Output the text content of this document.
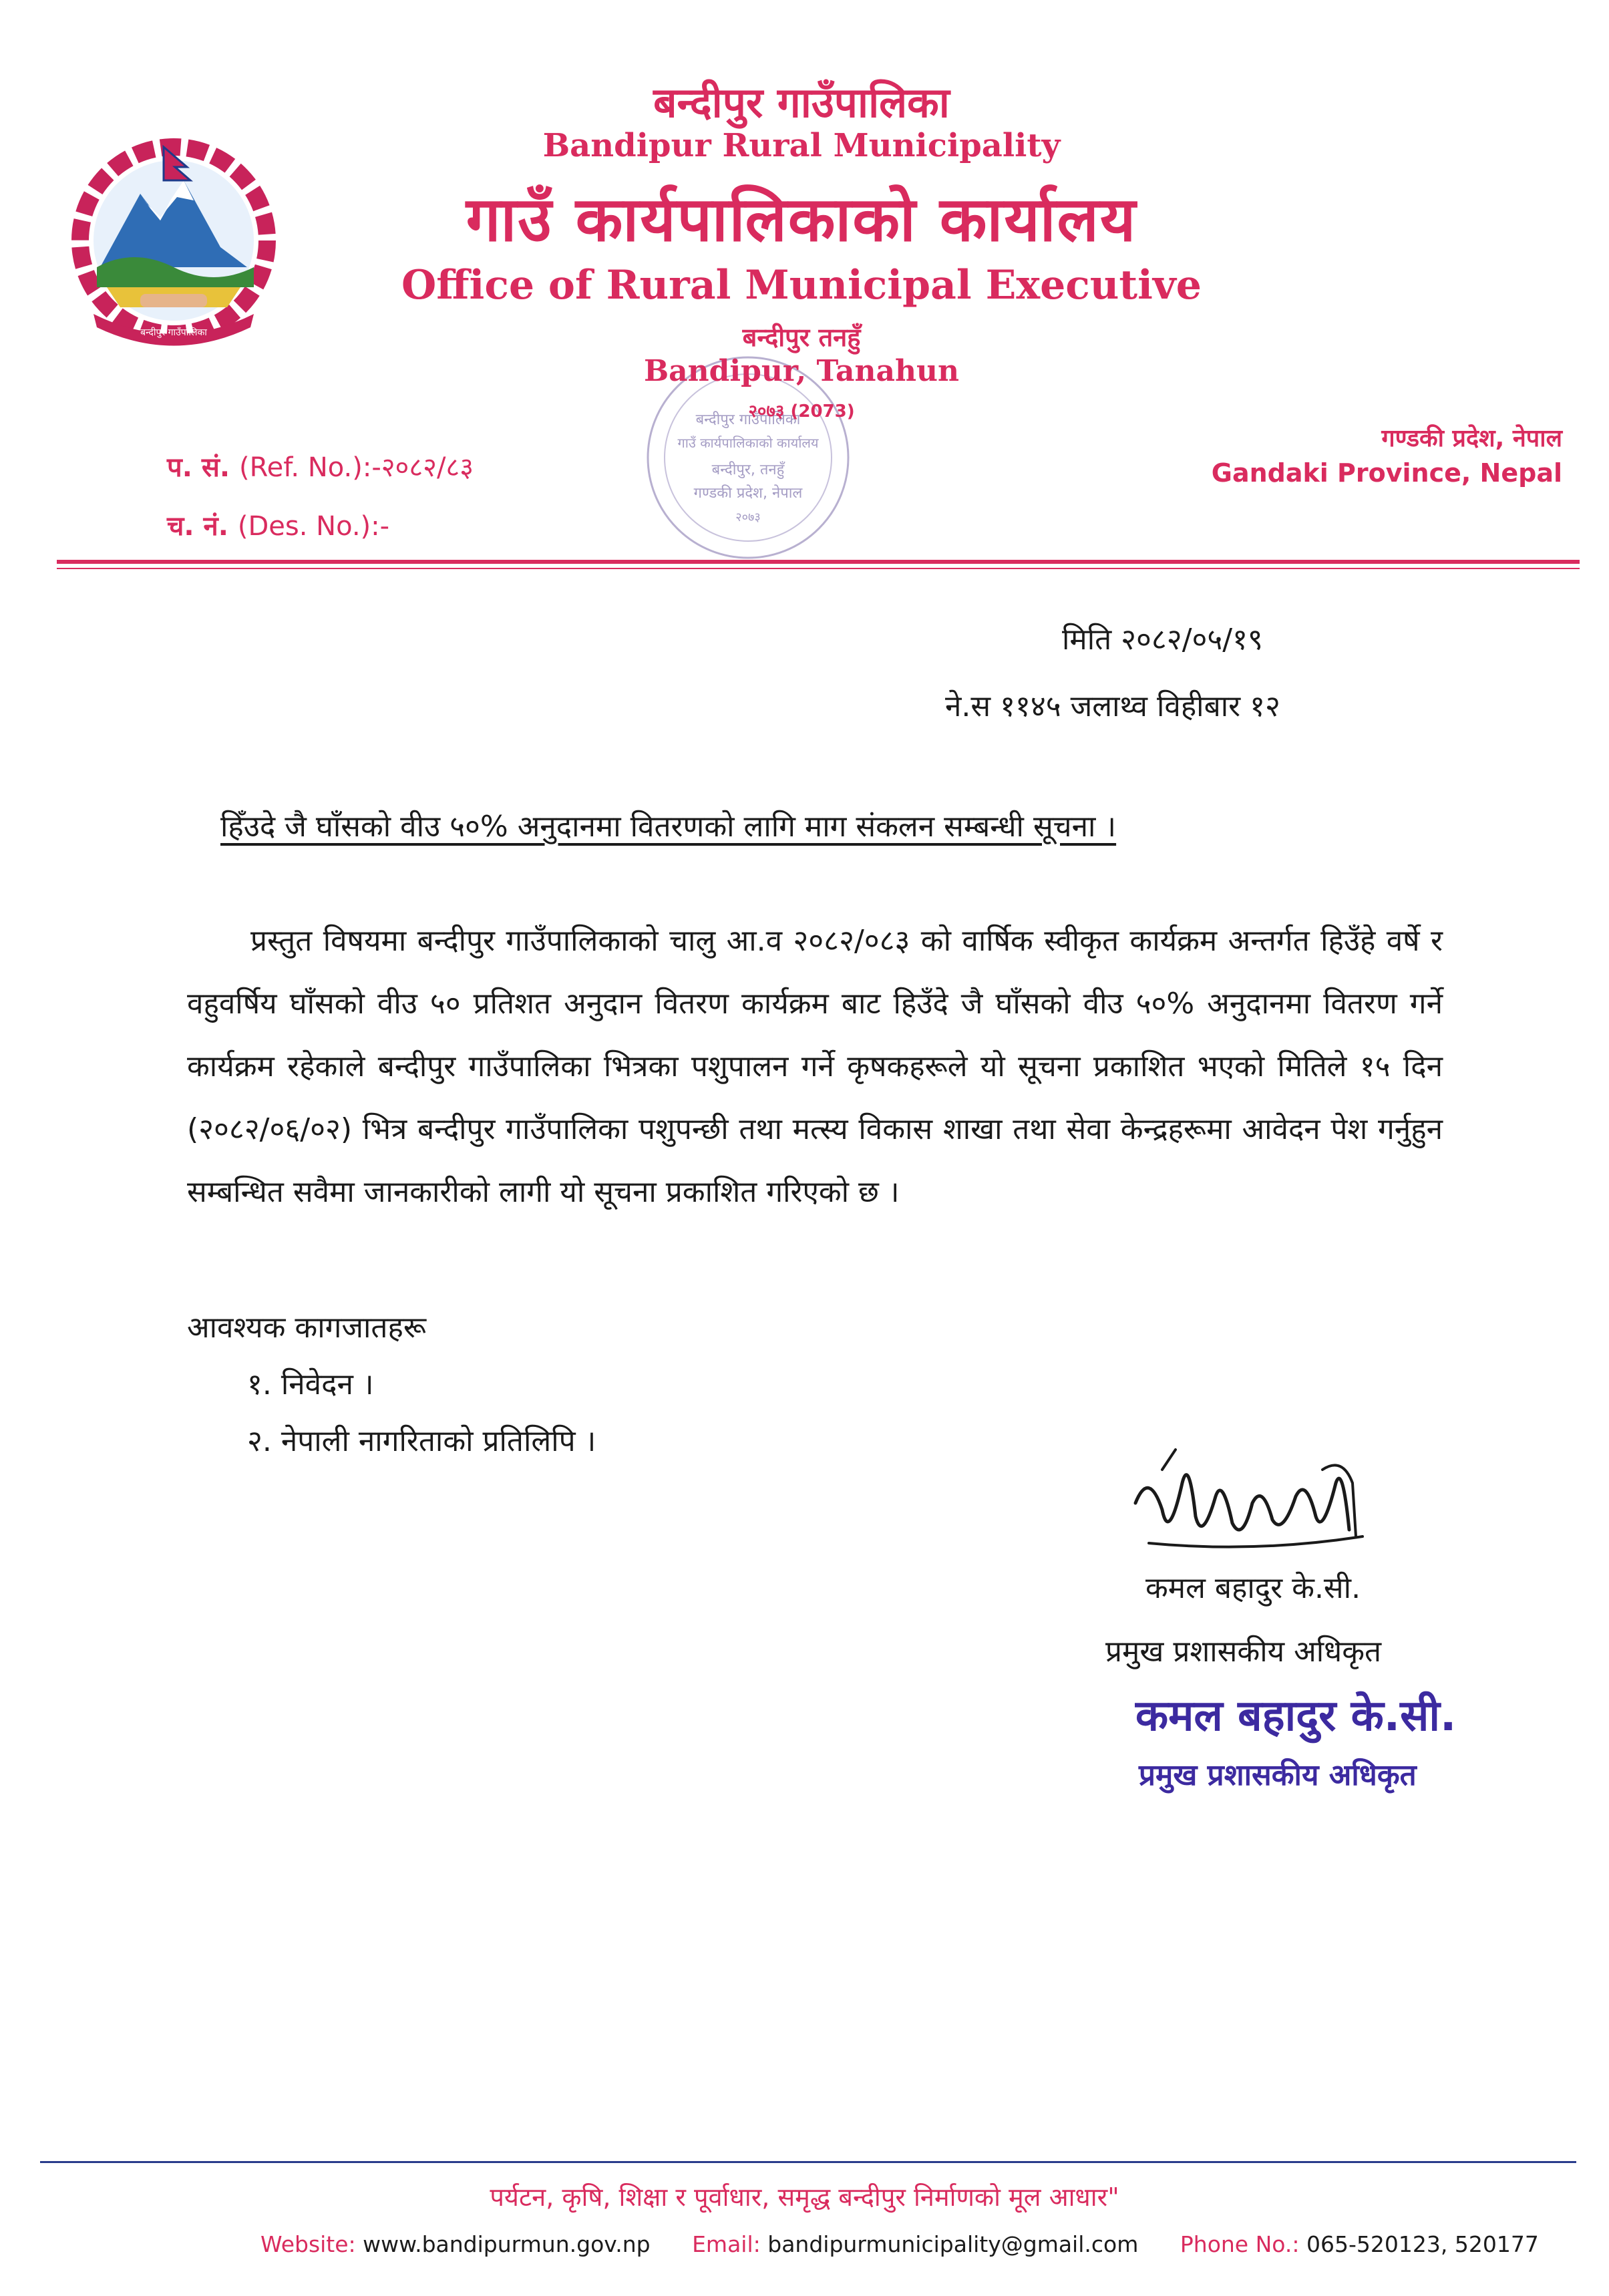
बन्दीपुर गाउँपालिका
बन्दीपुर गाउँपालिका
गाउँ कार्यपालिकाको कार्यालय
बन्दीपुर, तनहुँ
गण्डकी प्रदेश, नेपाल
२०७३
बन्दीपुर गाउँपालिका
Bandipur Rural Municipality
गाउँ कार्यपालिकाको कार्यालय
Office of Rural Municipal Executive
बन्दीपुर तनहुँ
Bandipur, Tanahun
२०७३ (2073)
प. सं. (Ref. No.):-२०८२/८३
च. नं. (Des. No.):-
गण्डकी प्रदेश, नेपाल
Gandaki Province, Nepal
मिति २०८२/०५/१९
ने.स ११४५ जलाथ्व विहीबार १२
हिँउदे जै घाँसको वीउ ५०% अनुदानमा वितरणको लागि माग संकलन सम्बन्धी सूचना ।
प्रस्तुत विषयमा बन्दीपुर गाउँपालिकाको चालु आ.व २०८२/०८३ को वार्षिक स्वीकृत कार्यक्रम अन्तर्गत हिउँहे वर्षे र वहुवर्षिय घाँसको वीउ ५० प्रतिशत अनुदान वितरण कार्यक्रम बाट हिउँदे जै घाँसको वीउ ५०% अनुदानमा वितरण गर्ने कार्यक्रम रहेकाले बन्दीपुर गाउँपालिका भित्रका पशुपालन गर्ने कृषकहरूले यो सूचना प्रकाशित भएको मितिले १५ दिन (२०८२/०६/०२) भित्र बन्दीपुर गाउँपालिका पशुपन्छी तथा मत्स्य विकास शाखा तथा सेवा केन्द्रहरूमा आवेदन पेश गर्नुहुन सम्बन्धित सवैमा जानकारीको लागी यो सूचना प्रकाशित गरिएको छ ।
आवश्यक कागजातहरू
१. निवेदन ।
२. नेपाली नागरिताको प्रतिलिपि ।
कमल बहादुर के.सी.
प्रमुख प्रशासकीय अधिकृत
कमल बहादुर के.सी.
प्रमुख प्रशासकीय अधिकृत
पर्यटन, कृषि, शिक्षा र पूर्वाधार, समृद्ध बन्दीपुर निर्माणको मूल आधार"
Website: www.bandipurmun.gov.np Email: bandipurmunicipality@gmail.com Phone No.: 065-520123, 520177
